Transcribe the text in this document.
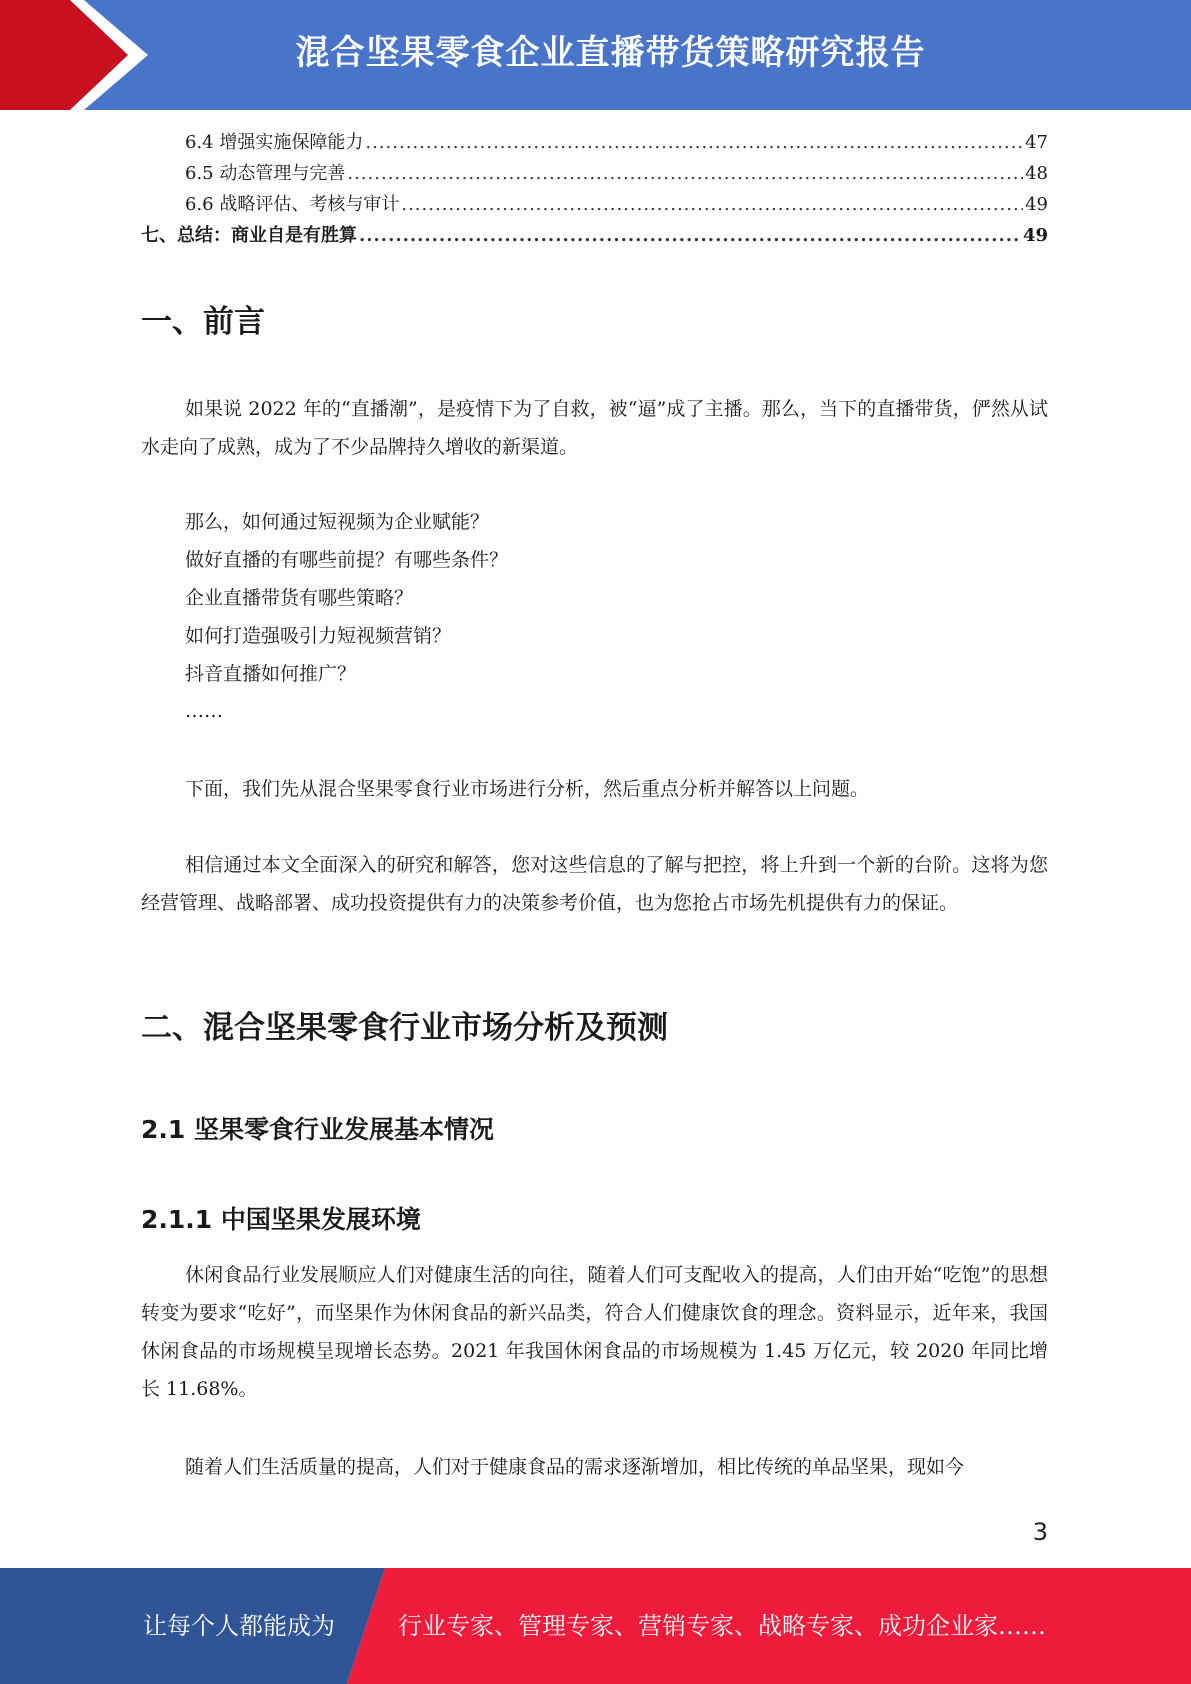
混合坚果零食企业直播带货策略研究报告
6.4 增强实施保障能力 .....	47
6.5 动态管理与完善 .....	48
6.6 战略评估、考核与审计 .....	49
七、总结：商业自是有胜算 .....	49
一、前言
如果说 2022 年的“直播潮”，是疫情下为了自救，被“逼”成了主播。那么，当下的直播带货，俨然从试水走向了成熟，成为了不少品牌持久增收的新渠道。
那么，如何通过短视频为企业赋能？
做好直播的有哪些前提？有哪些条件？
企业直播带货有哪些策略？
如何打造强吸引力短视频营销？
抖音直播如何推广？
……
下面，我们先从混合坚果零食行业市场进行分析，然后重点分析并解答以上问题。
相信通过本文全面深入的研究和解答，您对这些信息的了解与把控，将上升到一个新的台阶。这将为您经营管理、战略部署、成功投资提供有力的决策参考价值，也为您抢占市场先机提供有力的保证。
二、混合坚果零食行业市场分析及预测
2.1 坚果零食行业发展基本情况
2.1.1 中国坚果发展环境
休闲食品行业发展顺应人们对健康生活的向往，随着人们可支配收入的提高，人们由开始“吃饱”的思想转变为要求“吃好”，而坚果作为休闲食品的新兴品类，符合人们健康饮食的理念。资料显示，近年来，我国休闲食品的市场规模呈现增长态势。2021 年我国休闲食品的市场规模为 1.45 万亿元，较 2020 年同比增长 11.68%。
随着人们生活质量的提高，人们对于健康食品的需求逐渐增加，相比传统的单品坚果，现如今
3
让每个人都能成为	行业专家、管理专家、营销专家、战略专家、成功企业家……
